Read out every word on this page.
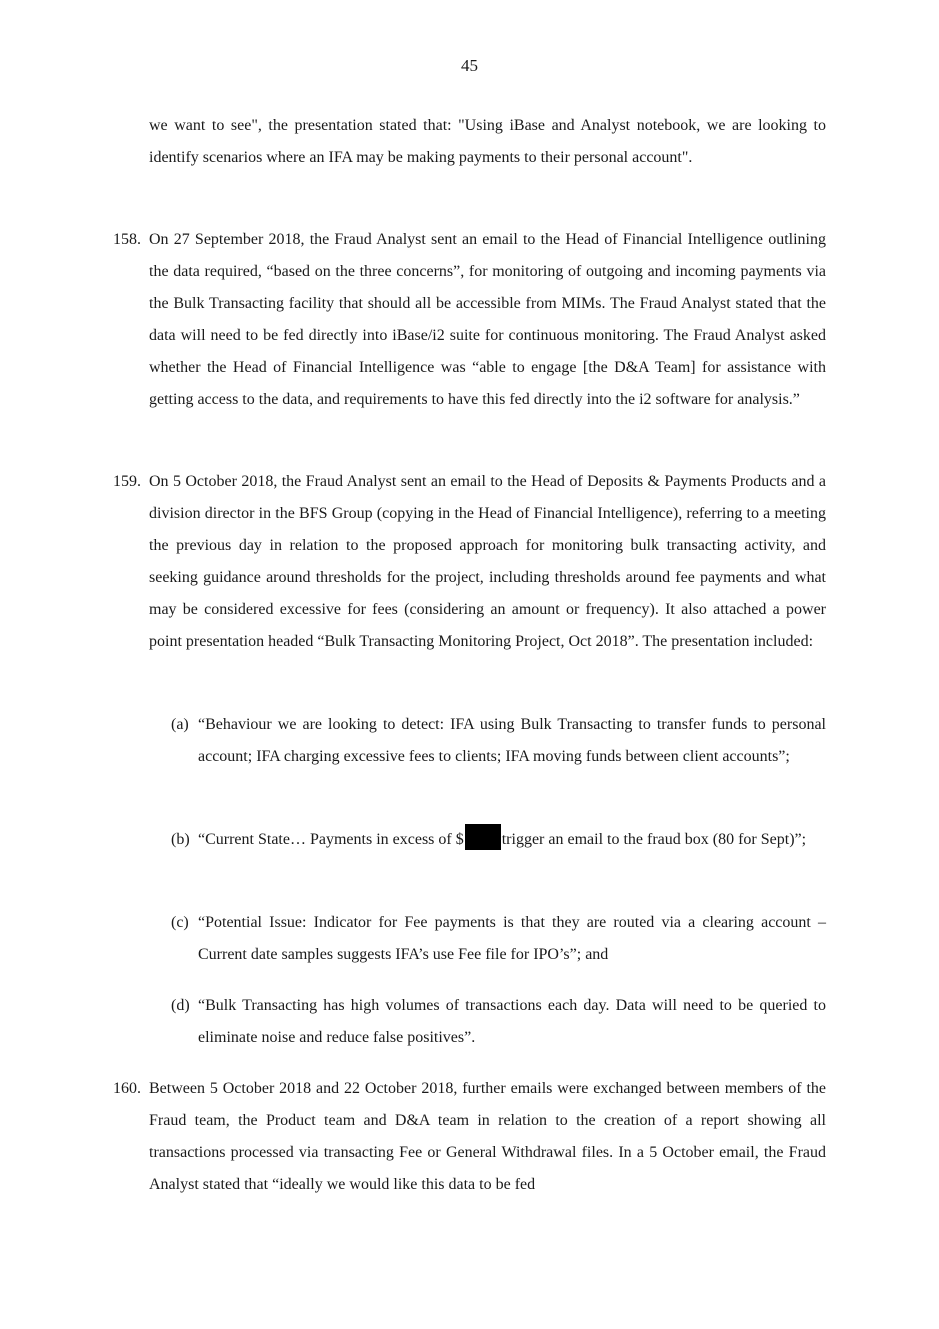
45

we want to see", the presentation stated that: "Using iBase and Analyst notebook, we are looking to identify scenarios where an IFA may be making payments to their personal account".

158. On 27 September 2018, the Fraud Analyst sent an email to the Head of Financial Intelligence outlining the data required, “based on the three concerns”, for monitoring of outgoing and incoming payments via the Bulk Transacting facility that should all be accessible from MIMs. The Fraud Analyst stated that the data will need to be fed directly into iBase/i2 suite for continuous monitoring. The Fraud Analyst asked whether the Head of Financial Intelligence was “able to engage [the D&A Team] for assistance with getting access to the data, and requirements to have this fed directly into the i2 software for analysis.”

159. On 5 October 2018, the Fraud Analyst sent an email to the Head of Deposits & Payments Products and a division director in the BFS Group (copying in the Head of Financial Intelligence), referring to a meeting the previous day in relation to the proposed approach for monitoring bulk transacting activity, and seeking guidance around thresholds for the project, including thresholds around fee payments and what may be considered excessive for fees (considering an amount or frequency). It also attached a power point presentation headed “Bulk Transacting Monitoring Project, Oct 2018”. The presentation included:

(a) “Behaviour we are looking to detect: IFA using Bulk Transacting to transfer funds to personal account; IFA charging excessive fees to clients; IFA moving funds between client accounts”;

(b) “Current State… Payments in excess of $ trigger an email to the fraud box (80 for Sept)”;

(c) “Potential Issue: Indicator for Fee payments is that they are routed via a clearing account – Current date samples suggests IFA’s use Fee file for IPO’s”; and

(d) “Bulk Transacting has high volumes of transactions each day. Data will need to be queried to eliminate noise and reduce false positives”.

160. Between 5 October 2018 and 22 October 2018, further emails were exchanged between members of the Fraud team, the Product team and D&A team in relation to the creation of a report showing all transactions processed via transacting Fee or General Withdrawal files. In a 5 October email, the Fraud Analyst stated that “ideally we would like this data to be fed
